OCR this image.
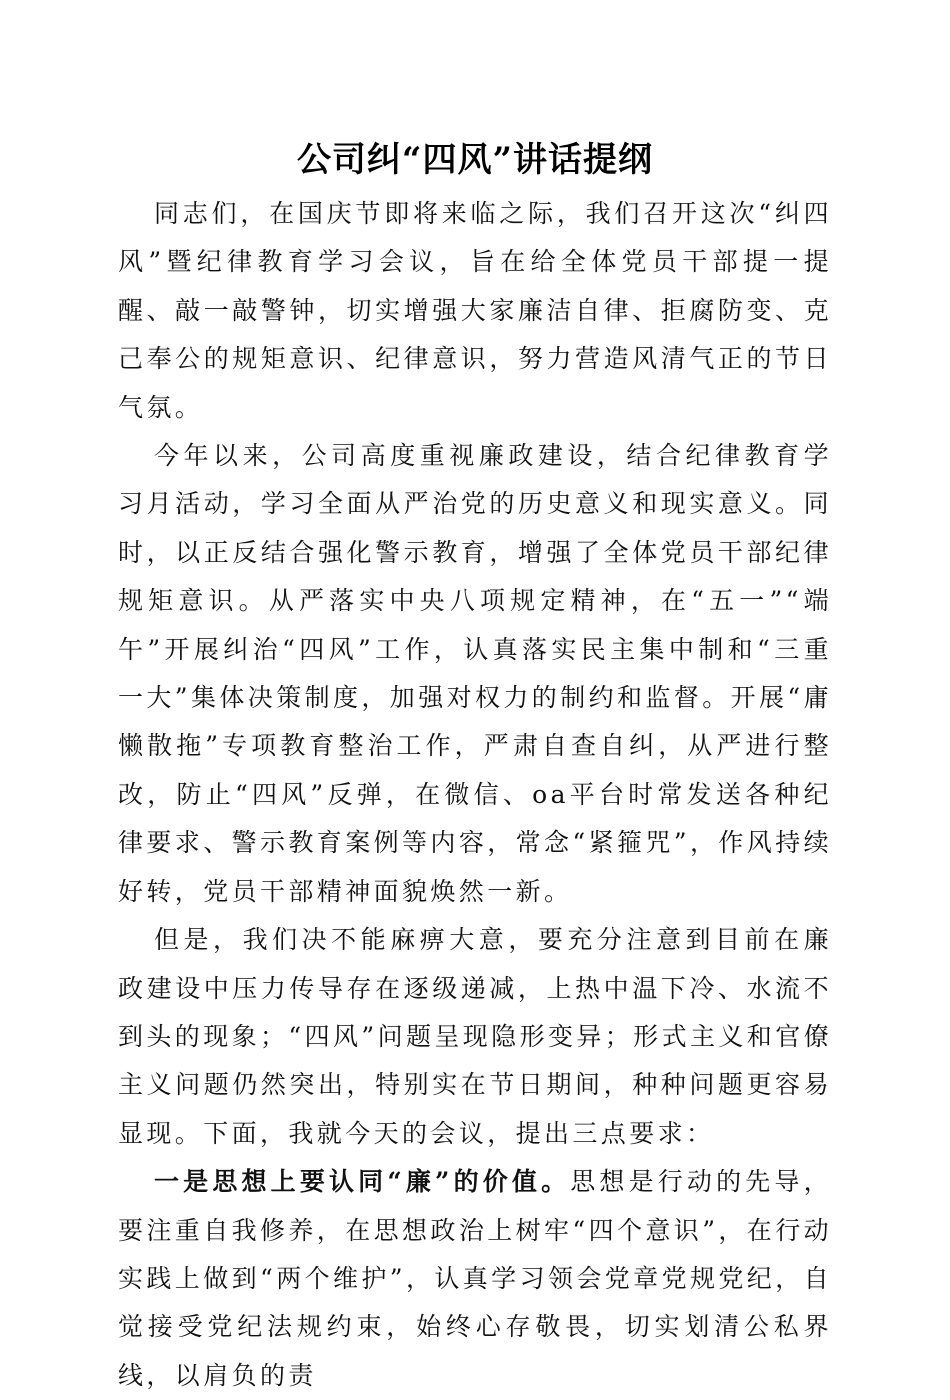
公司纠“四风”讲话提纲

同志们，在国庆节即将来临之际，我们召开这次“纠四风”暨纪律教育学习会议，旨在给全体党员干部提一提醒、敲一敲警钟，切实增强大家廉洁自律、拒腐防变、克己奉公的规矩意识、纪律意识，努力营造风清气正的节日气氛。

今年以来，公司高度重视廉政建设，结合纪律教育学习月活动，学习全面从严治党的历史意义和现实意义。同时，以正反结合强化警示教育，增强了全体党员干部纪律规矩意识。从严落实中央八项规定精神，在“五一”“端午”开展纠治“四风”工作，认真落实民主集中制和“三重一大”集体决策制度，加强对权力的制约和监督。开展“庸懒散拖”专项教育整治工作，严肃自查自纠，从严进行整改，防止“四风”反弹，在微信、oa平台时常发送各种纪律要求、警示教育案例等内容，常念“紧箍咒”，作风持续好转，党员干部精神面貌焕然一新。

但是，我们决不能麻痹大意，要充分注意到目前在廉政建设中压力传导存在逐级递减，上热中温下冷、水流不到头的现象；“四风”问题呈现隐形变异；形式主义和官僚主义问题仍然突出，特别实在节日期间，种种问题更容易显现。下面，我就今天的会议，提出三点要求：

一是思想上要认同“廉”的价值。思想是行动的先导，要注重自我修养，在思想政治上树牢“四个意识”，在行动实践上做到“两个维护”，认真学习领会党章党规党纪，自觉接受党纪法规约束，始终心存敬畏，切实划清公私界线，以肩负的责
